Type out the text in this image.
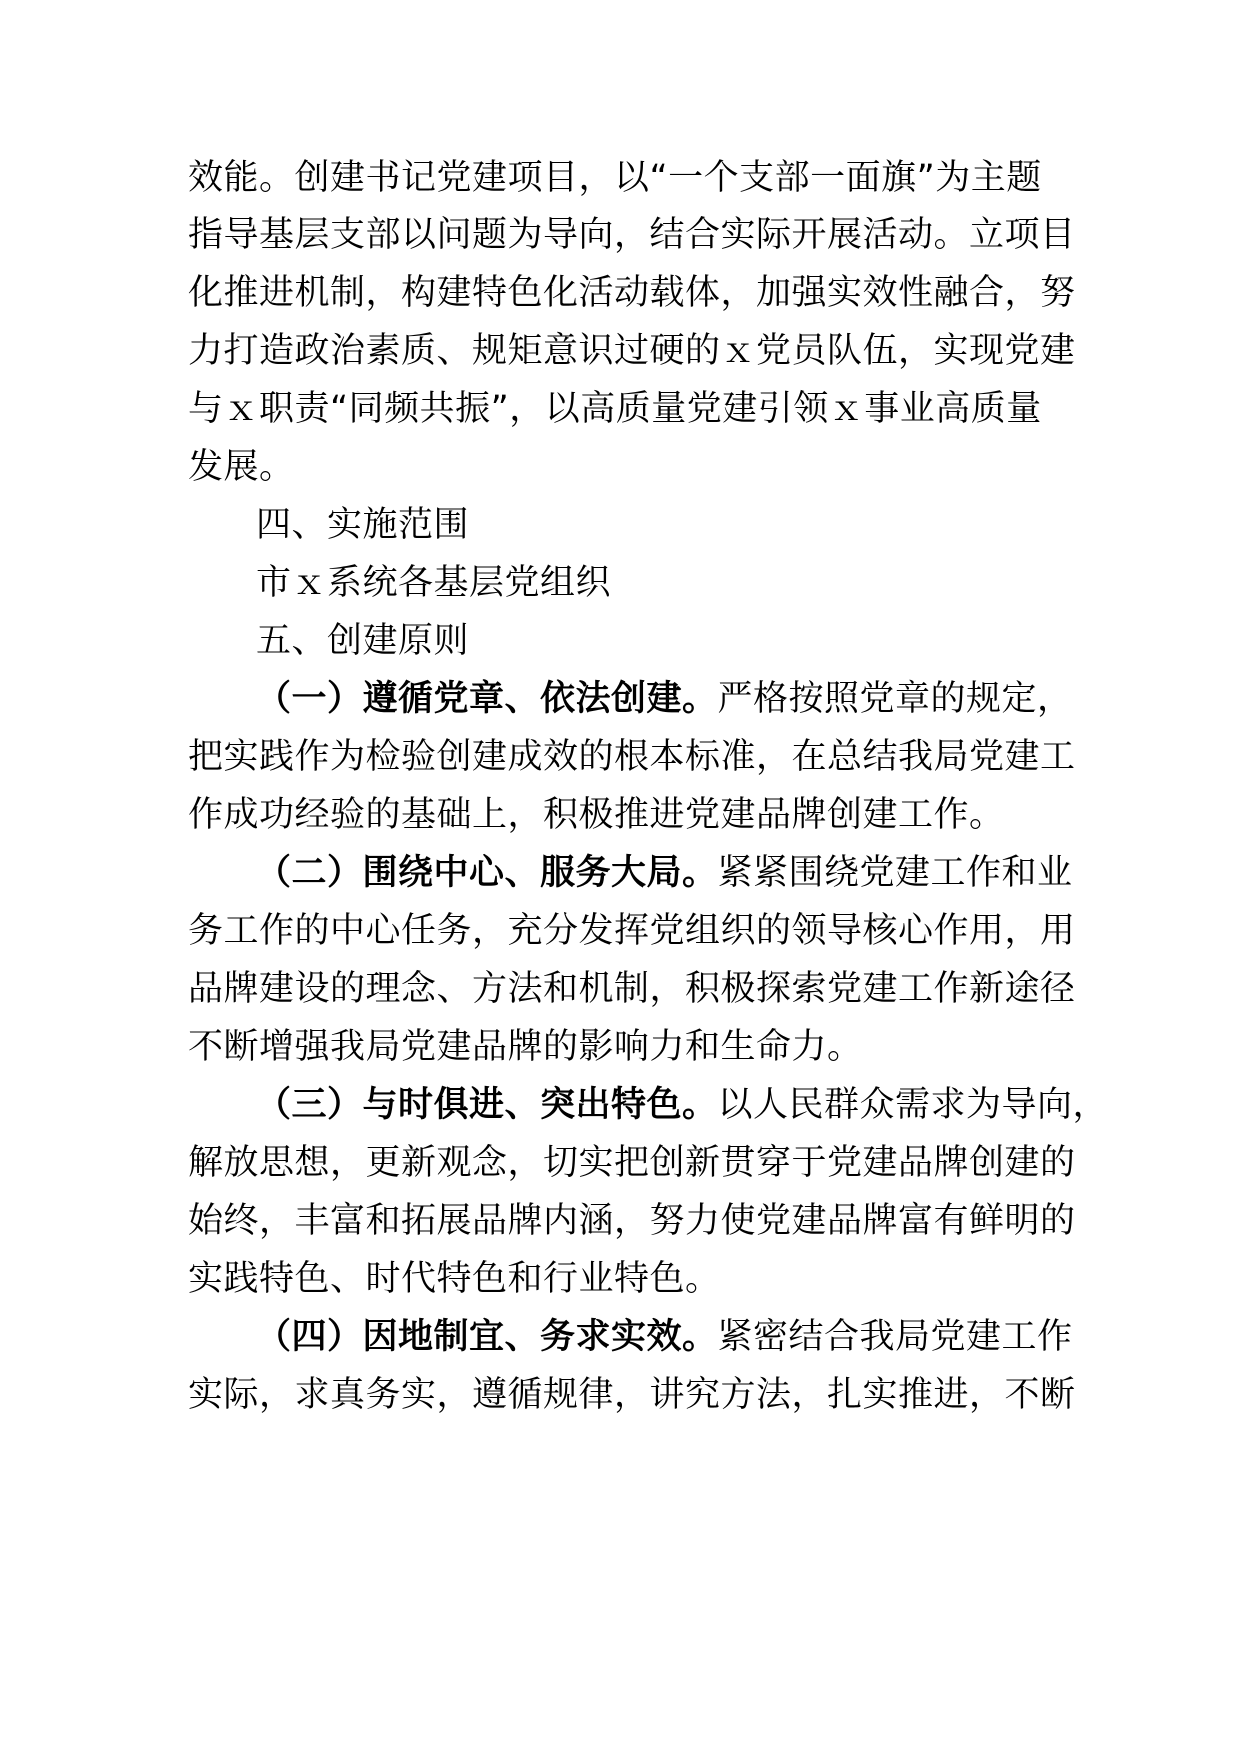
效能。创建书记党建项目，以“一个支部一面旗”为主题
指导基层支部以问题为导向，结合实际开展活动。立项目
化推进机制，构建特色化活动载体，加强实效性融合，努
力打造政治素质、规矩意识过硬的ｘ党员队伍，实现党建
与ｘ职责“同频共振”，以高质量党建引领ｘ事业高质量
发展。
四、实施范围
市ｘ系统各基层党组织
五、创建原则
（一）遵循党章、依法创建。严格按照党章的规定，
把实践作为检验创建成效的根本标准，在总结我局党建工
作成功经验的基础上，积极推进党建品牌创建工作。
（二）围绕中心、服务大局。紧紧围绕党建工作和业
务工作的中心任务，充分发挥党组织的领导核心作用，用
品牌建设的理念、方法和机制，积极探索党建工作新途径
不断增强我局党建品牌的影响力和生命力。
（三）与时俱进、突出特色。以人民群众需求为导向，
解放思想，更新观念，切实把创新贯穿于党建品牌创建的
始终，丰富和拓展品牌内涵，努力使党建品牌富有鲜明的
实践特色、时代特色和行业特色。
（四）因地制宜、务求实效。紧密结合我局党建工作
实际，求真务实，遵循规律，讲究方法，扎实推进，不断
